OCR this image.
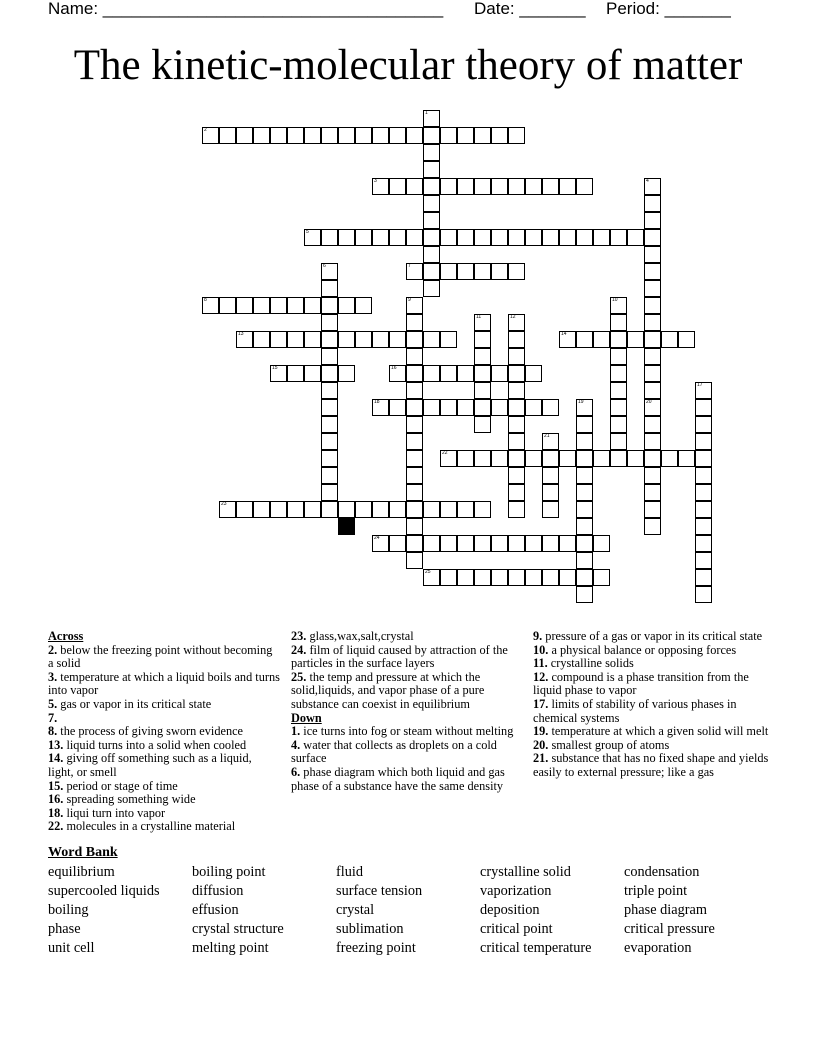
Name: ____________________________________ Date: _______ Period: _______
The kinetic-molecular theory of matter
1
2
3	4
5
6	7
8	9	10
11	12
13	14
15	16
17
18	19	20
21
22
23
24
25

Across

2. below the freezing point without becoming a solid

3. temperature at which a liquid boils and turns into vapor

5. gas or vapor in its critical state

7.

8. the process of giving sworn evidence

13. liquid turns into a solid when cooled

14. giving off something such as a liquid, light, or smell

15. period or stage of time

16. spreading something wide

18. liqui turn into vapor

22. molecules in a crystalline material

23. glass,wax,salt,crystal

24. film of liquid caused by attraction of the particles in the surface layers

25. the temp and pressure at which the solid,liquids, and vapor phase of a pure substance can coexist in equilibrium

Down

1. ice turns into fog or steam without melting

4. water that collects as droplets on a cold surface

6. phase diagram which both liquid and gas phase of a substance have the same density

9. pressure of a gas or vapor in its critical state

10. a physical balance or opposing forces

11. crystalline solids

12. compound is a phase transition from the liquid phase to vapor

17. limits of stability of various phases in chemical systems

19. temperature at which a given solid will melt

20. smallest group of atoms

21. substance that has no fixed shape and yields easily to external pressure; like a gas

Word Bank
equilibrium
supercooled liquids
boiling
phase
unit cell
boiling point
diffusion
effusion
crystal structure
melting point
fluid
surface tension
crystal
sublimation
freezing point
crystalline solid
vaporization
deposition
critical point
critical temperature
condensation
triple point
phase diagram
critical pressure
evaporation
